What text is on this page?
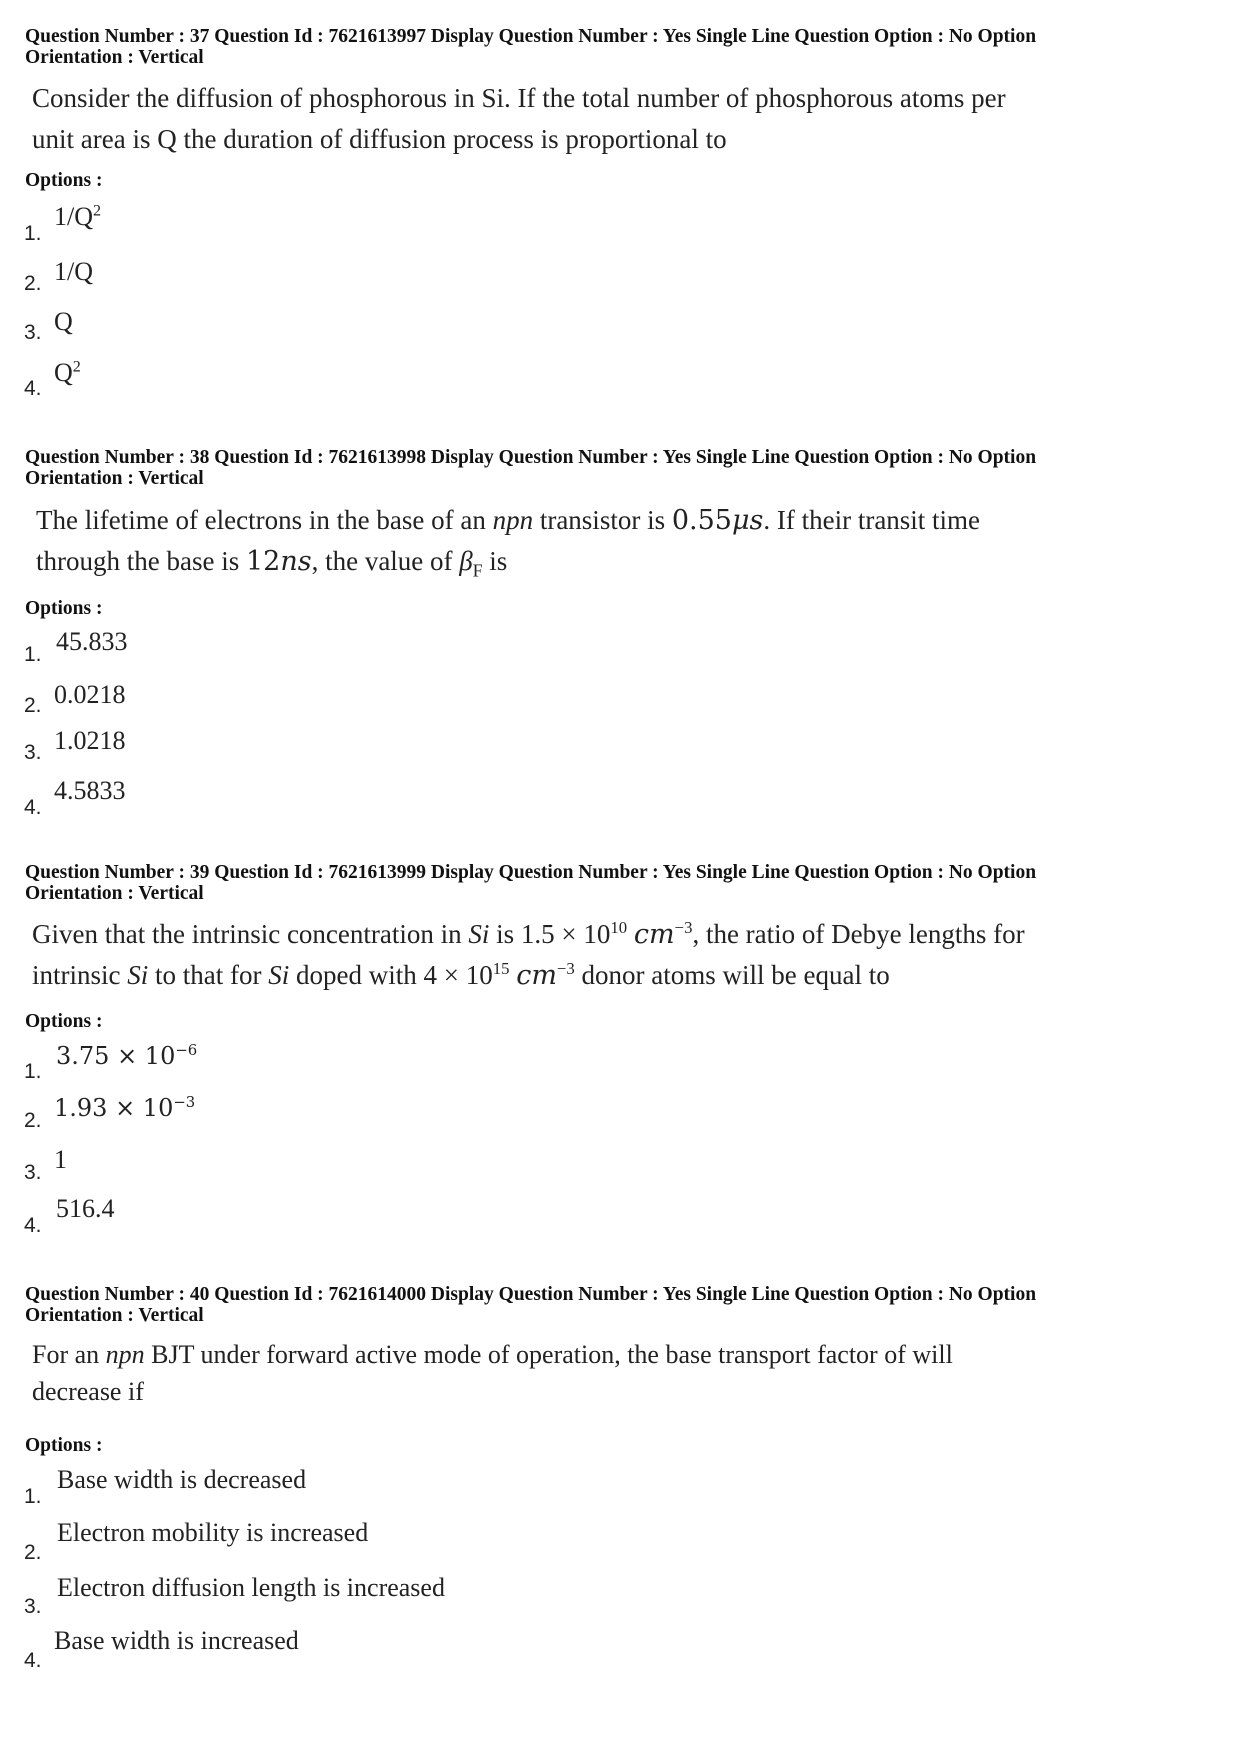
Question Number : 37 Question Id : 7621613997 Display Question Number : Yes Single Line Question Option : No Option
Orientation : Vertical
Consider the diffusion of phosphorous in Si. If the total number of phosphorous atoms per
unit area is Q the duration of diffusion process is proportional to
Options :
1.
$1/Q^2$
2. 1/Q
3. Q
4.
$Q^2$
Question Number : 38 Question Id : 7621613998 Display Question Number : Yes Single Line Question Option : No Option
Orientation : Vertical
The lifetime of electrons in the base of an npn transistor is 0.55μs. If their transit time
through the base is 12ns, the value of $\beta_F$ is
Options :
1. 45.833
2. 0.0218
3. 1.0218
4.
4.5833
Question Number : 39 Question Id : 7621613999 Display Question Number : Yes Single Line Question Option : No Option
Orientation : Vertical
Given that the intrinsic concentration in Si is $1.5 \times 10^{10}$ $cm^{-3}$, the ratio of Debye lengths for
intrinsic Si to that for Si doped with $4 \times 10^{15}$ $cm^{-3}$ donor atoms will be equal to
Options :
1.
$3.75 \times 10^{-6}$
2. $1.93 \times 10^{-3}$
3. 1
4.
516.4
Question Number : 40 Question Id : 7621614000 Display Question Number : Yes Single Line Question Option : No Option
Orientation : Vertical
For an npn BJT under forward active mode of operation, the base transport factor of will
decrease if
Options :
1.
Base width is decreased
2.
Electron mobility is increased
3.
Electron diffusion length is increased
4.
Base width is increased
